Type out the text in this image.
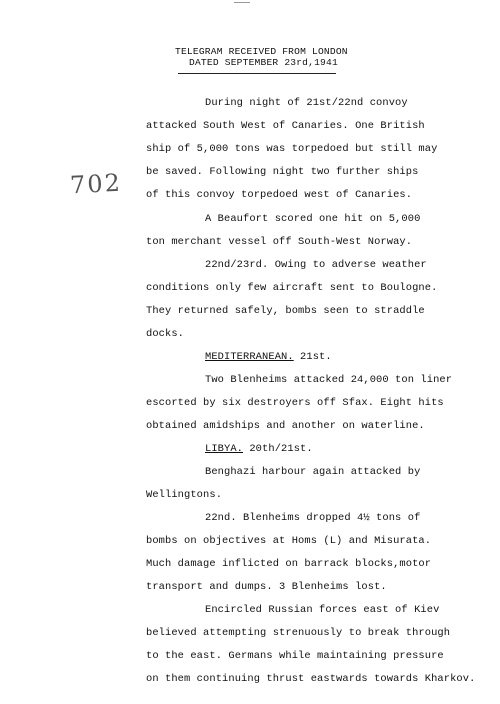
TELEGRAM RECEIVED FROM LONDON
DATED SEPTEMBER 23rd,1941
702
During night of 21st/22nd convoy
attacked South West of Canaries. One British
ship of 5,000 tons was torpedoed but still may
be saved. Following night two further ships
of this convoy torpedoed west of Canaries.
A Beaufort scored one hit on 5,000
ton merchant vessel off South-West Norway.
22nd/23rd. Owing to adverse weather
conditions only few aircraft sent to Boulogne.
They returned safely, bombs seen to straddle
docks.
MEDITERRANEAN. 21st.
Two Blenheims attacked 24,000 ton liner
escorted by six destroyers off Sfax. Eight hits
obtained amidships and another on waterline.
LIBYA. 20th/21st.
Benghazi harbour again attacked by
Wellingtons.
22nd. Blenheims dropped 4½ tons of
bombs on objectives at Homs (L) and Misurata.
Much damage inflicted on barrack blocks,motor
transport and dumps. 3 Blenheims lost.
Encircled Russian forces east of Kiev
believed attempting strenuously to break through
to the east. Germans while maintaining pressure
on them continuing thrust eastwards towards Kharkov.
